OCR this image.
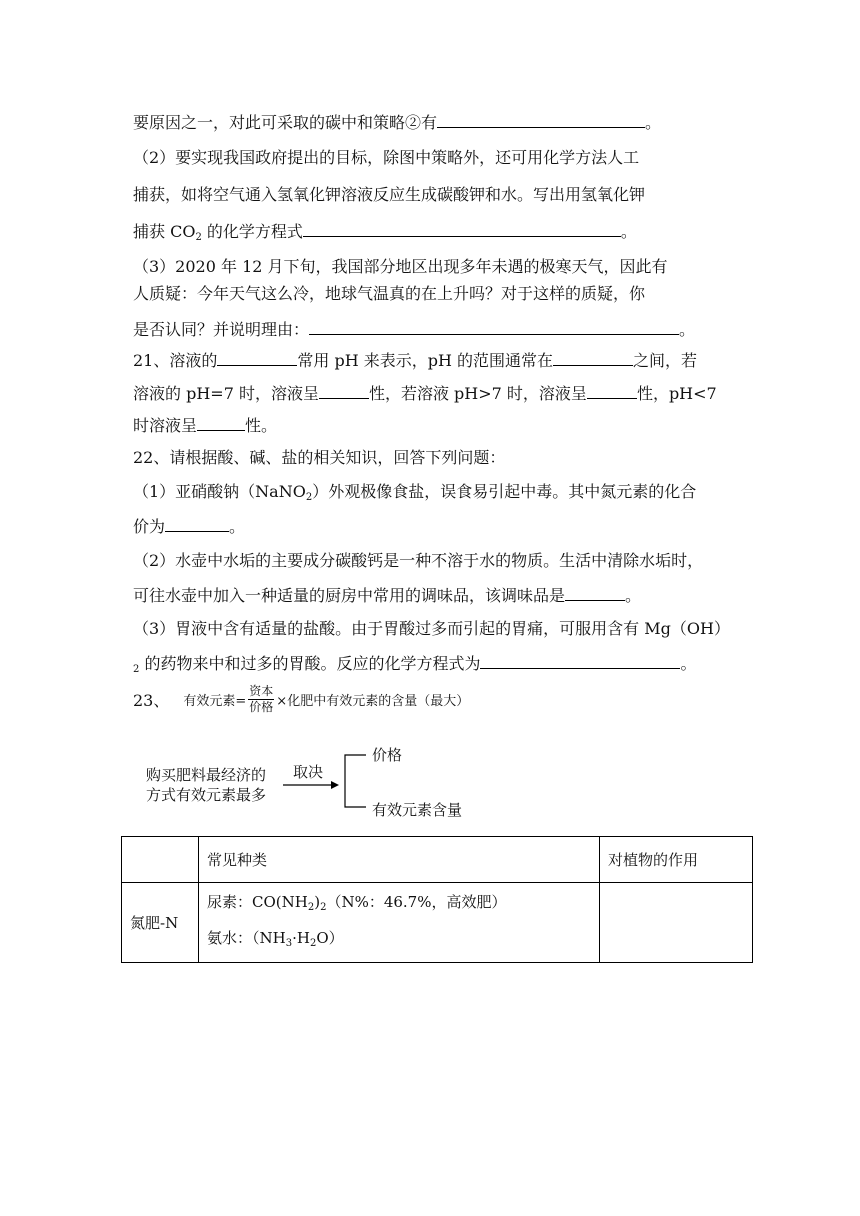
要原因之一，对此可采取的碳中和策略②有	。
（2）要实现我国政府提出的目标，除图中策略外，还可用化学方法人工
捕获，如将空气通入氢氧化钾溶液反应生成碳酸钾和水。写出用氢氧化钾
捕获 $CO_2$ 的化学方程式	。
（3）2020 年 12 月下旬，我国部分地区出现多年未遇的极寒天气，因此有
人质疑：今年天气这么冷，地球气温真的在上升吗？对于这样的质疑，你
是否认同？并说明理由：	。
21、溶液的	常用 pH 来表示，pH 的范围通常在	之间，若
溶液的 pH=7 时，溶液呈	性，若溶液 pH>7 时，溶液呈	性，pH<7
时溶液呈	性。
22、请根据酸、碱、盐的相关知识，回答下列问题：
（1）亚硝酸钠（NaNO$_2$）外观极像食盐，误食易引起中毒。其中氮元素的化合
价为	。
（2）水壶中水垢的主要成分碳酸钙是一种不溶于水的物质。生活中清除水垢时，
可往水壶中加入一种适量的厨房中常用的调味品，该调味品是	。
（3）胃液中含有适量的盐酸。由于胃酸过多而引起的胃痛，可服用含有 Mg（OH）
$_2$ 的药物来中和过多的胃酸。反应的化学方程式为	。
23、 有效元素= $\frac{\text{资本}}{\text{价格}}$ ×化肥中有效元素的含量（最大）
购买肥料最经济的
方式有效元素最多
取决
价格
有效元素含量
	常见种类	对植物的作用
氮肥-N	尿素：$CO(NH_2)_2(N\%$：46.7%，高效肥）
氨水：$(NH_3\cdot H_2O)$	
